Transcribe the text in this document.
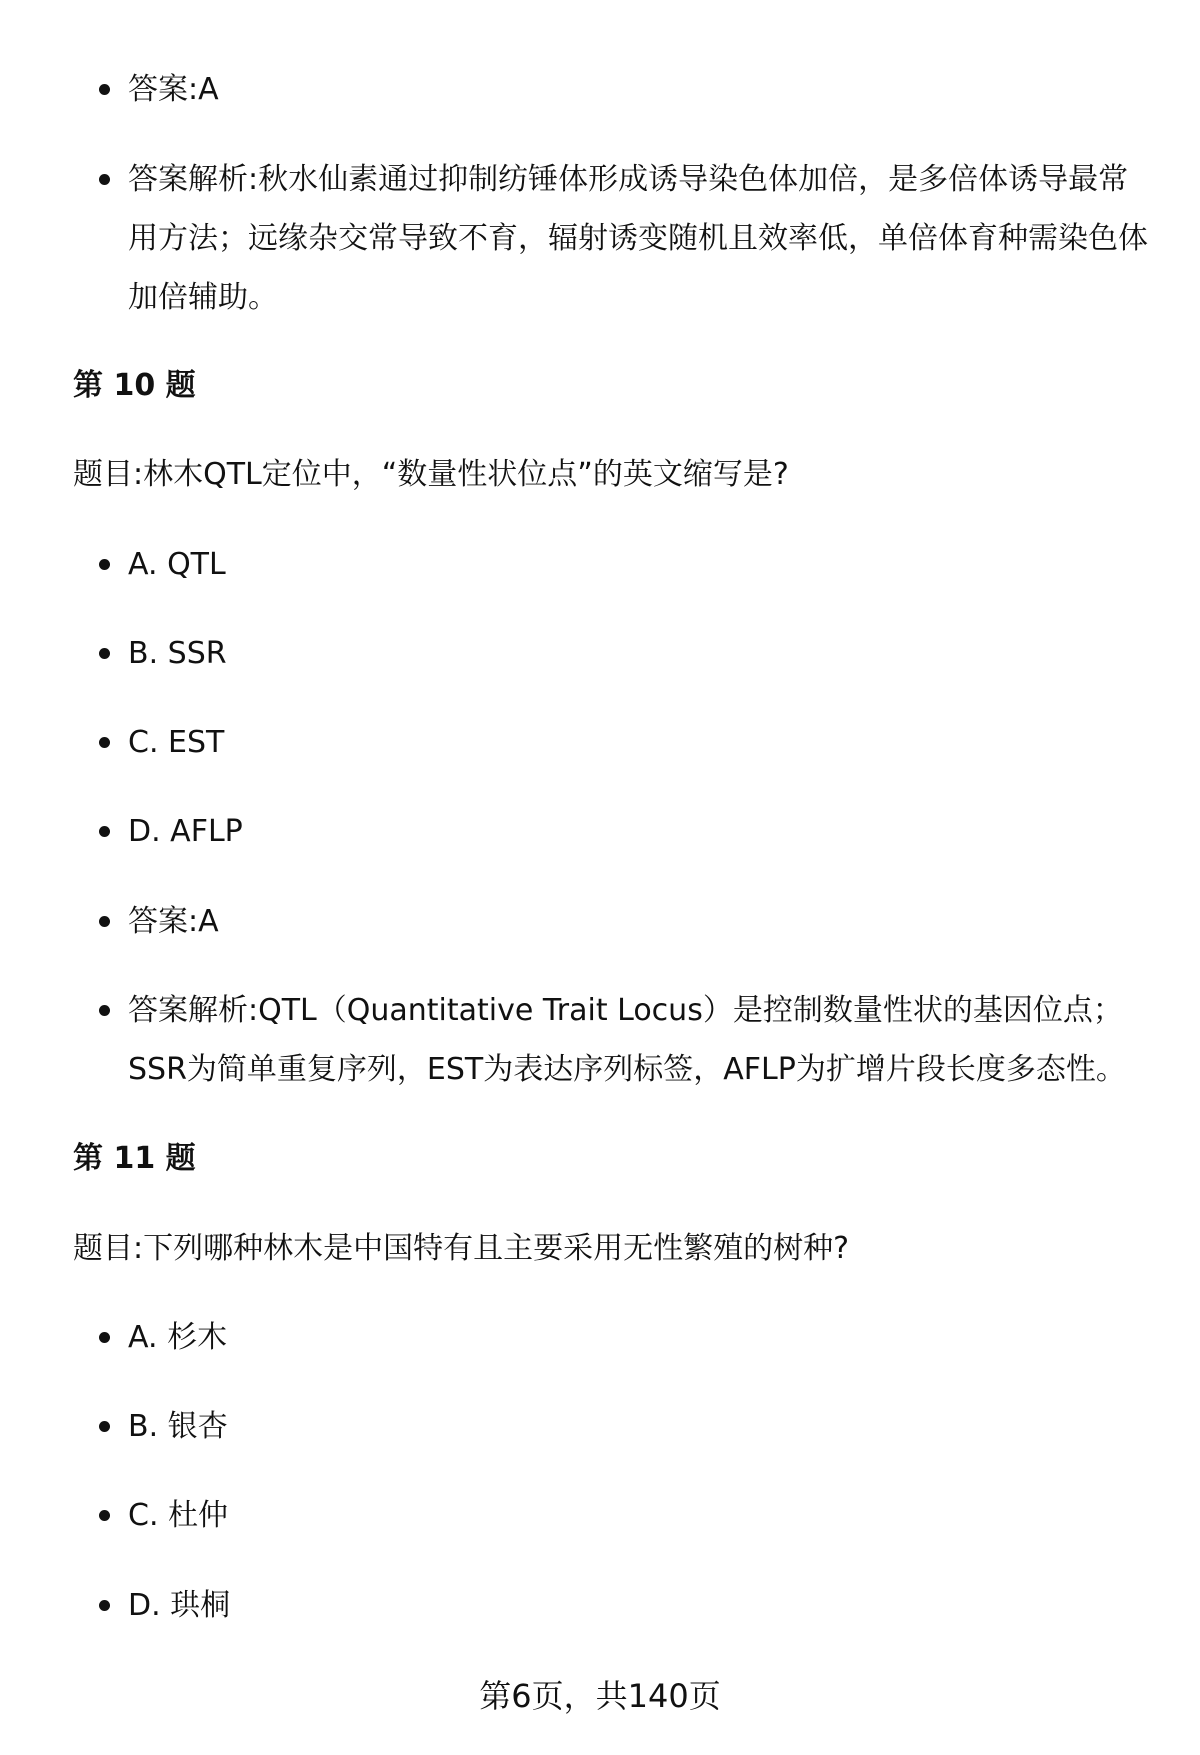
答案:A
答案解析:秋水仙素通过抑制纺锤体形成诱导染色体加倍，是多倍体诱导最常用方法；远缘杂交常导致不育，辐射诱变随机且效率低，单倍体育种需染色体加倍辅助。
第 10 题
题目:林木QTL定位中，“数量性状位点”的英文缩写是?
A. QTL
B. SSR
C. EST
D. AFLP
答案:A
答案解析:QTL（Quantitative Trait Locus）是控制数量性状的基因位点；SSR为简单重复序列，EST为表达序列标签，AFLP为扩增片段长度多态性。
第 11 题
题目:下列哪种林木是中国特有且主要采用无性繁殖的树种?
A. 杉木
B. 银杏
C. 杜仲
D. 珙桐
第6页，共140页
